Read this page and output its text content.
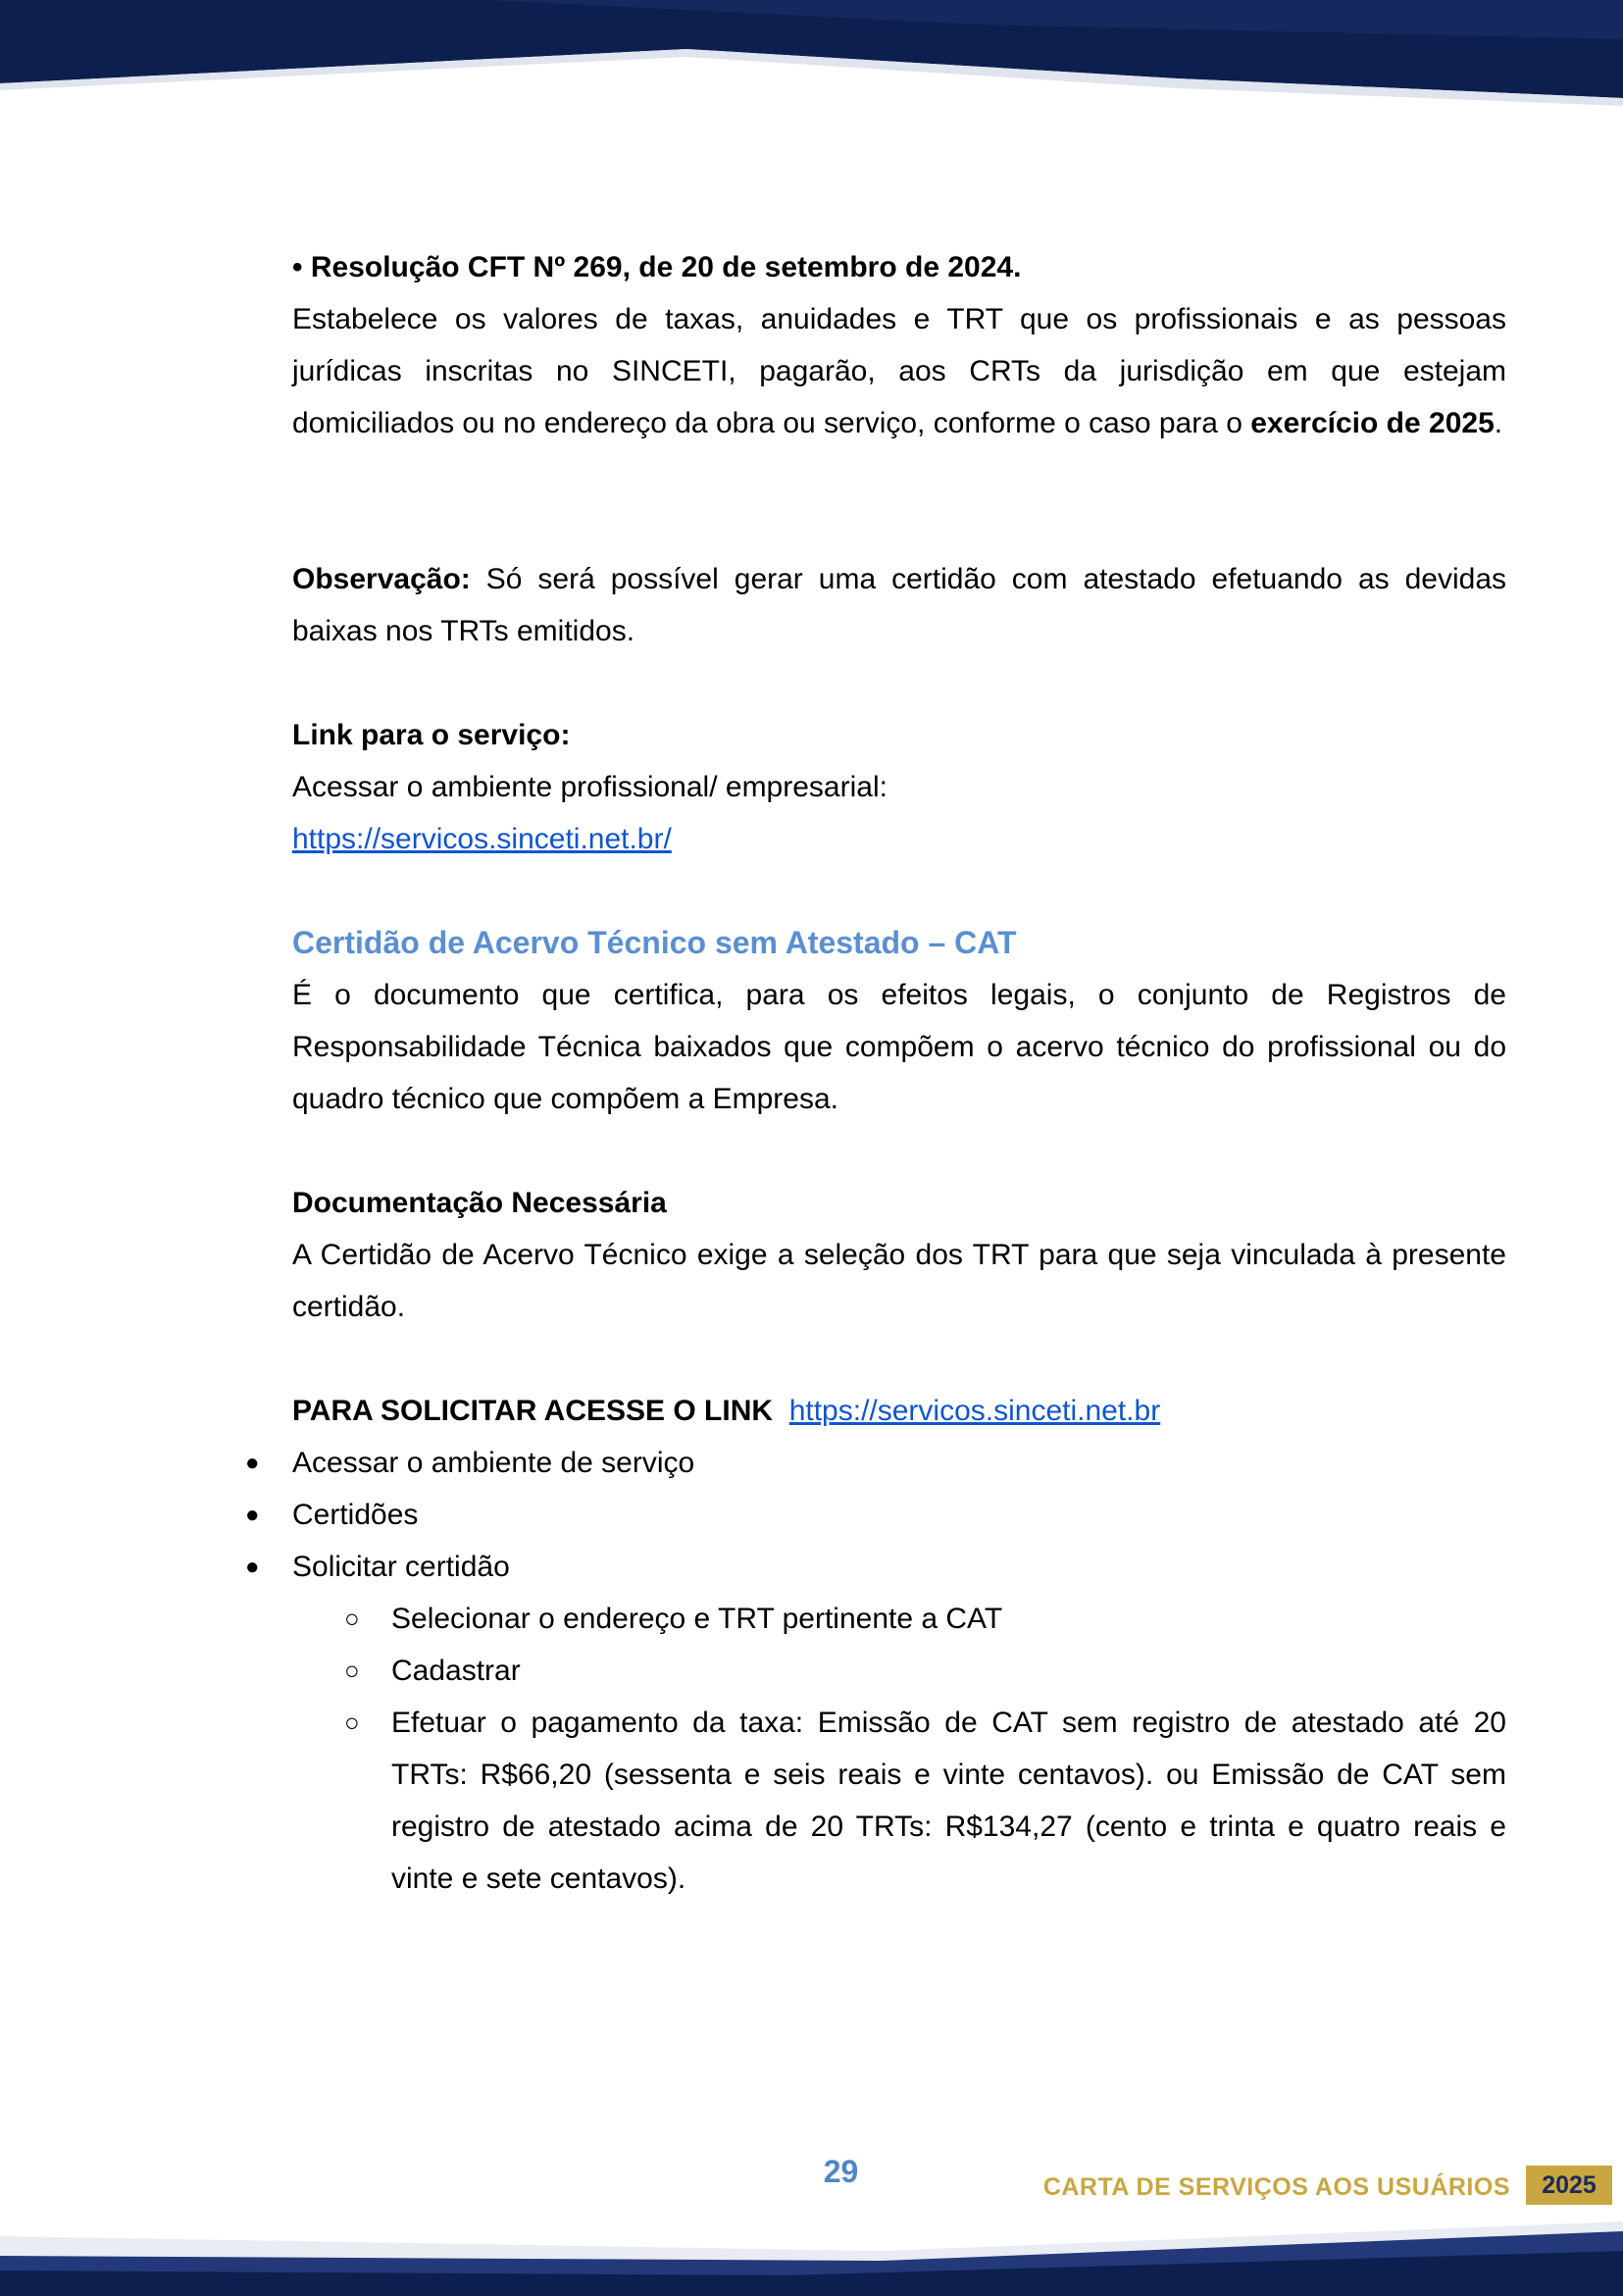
• Resolução CFT Nº 269, de 20 de setembro de 2024.

Estabelece os valores de taxas, anuidades e TRT que os profissionais e as pessoas jurídicas inscritas no SINCETI, pagarão, aos CRTs da jurisdição em que estejam domiciliados ou no endereço da obra ou serviço, conforme o caso para o exercício de 2025.

Observação: Só será possível gerar uma certidão com atestado efetuando as devidas baixas nos TRTs emitidos.

Link para o serviço:

Acessar o ambiente profissional/ empresarial:

https://servicos.sinceti.net.br/

Certidão de Acervo Técnico sem Atestado – CAT

É o documento que certifica, para os efeitos legais, o conjunto de Registros de Responsabilidade Técnica baixados que compõem o acervo técnico do profissional ou do quadro técnico que compõem a Empresa.

Documentação Necessária

A Certidão de Acervo Técnico exige a seleção dos TRT para que seja vinculada à presente certidão.

PARA SOLICITAR ACESSE O LINK https://servicos.sinceti.net.br

● Acessar o ambiente de serviço
● Certidões
● Solicitar certidão
○ Selecionar o endereço e TRT pertinente a CAT
○ Cadastrar
○ Efetuar o pagamento da taxa: Emissão de CAT sem registro de atestado até 20 TRTs: R$66,20 (sessenta e seis reais e vinte centavos). ou Emissão de CAT sem registro de atestado acima de 20 TRTs: R$134,27 (cento e trinta e quatro reais e vinte e sete centavos).
29	CARTA DE SERVIÇOS AOS USUÁRIOS	2025
